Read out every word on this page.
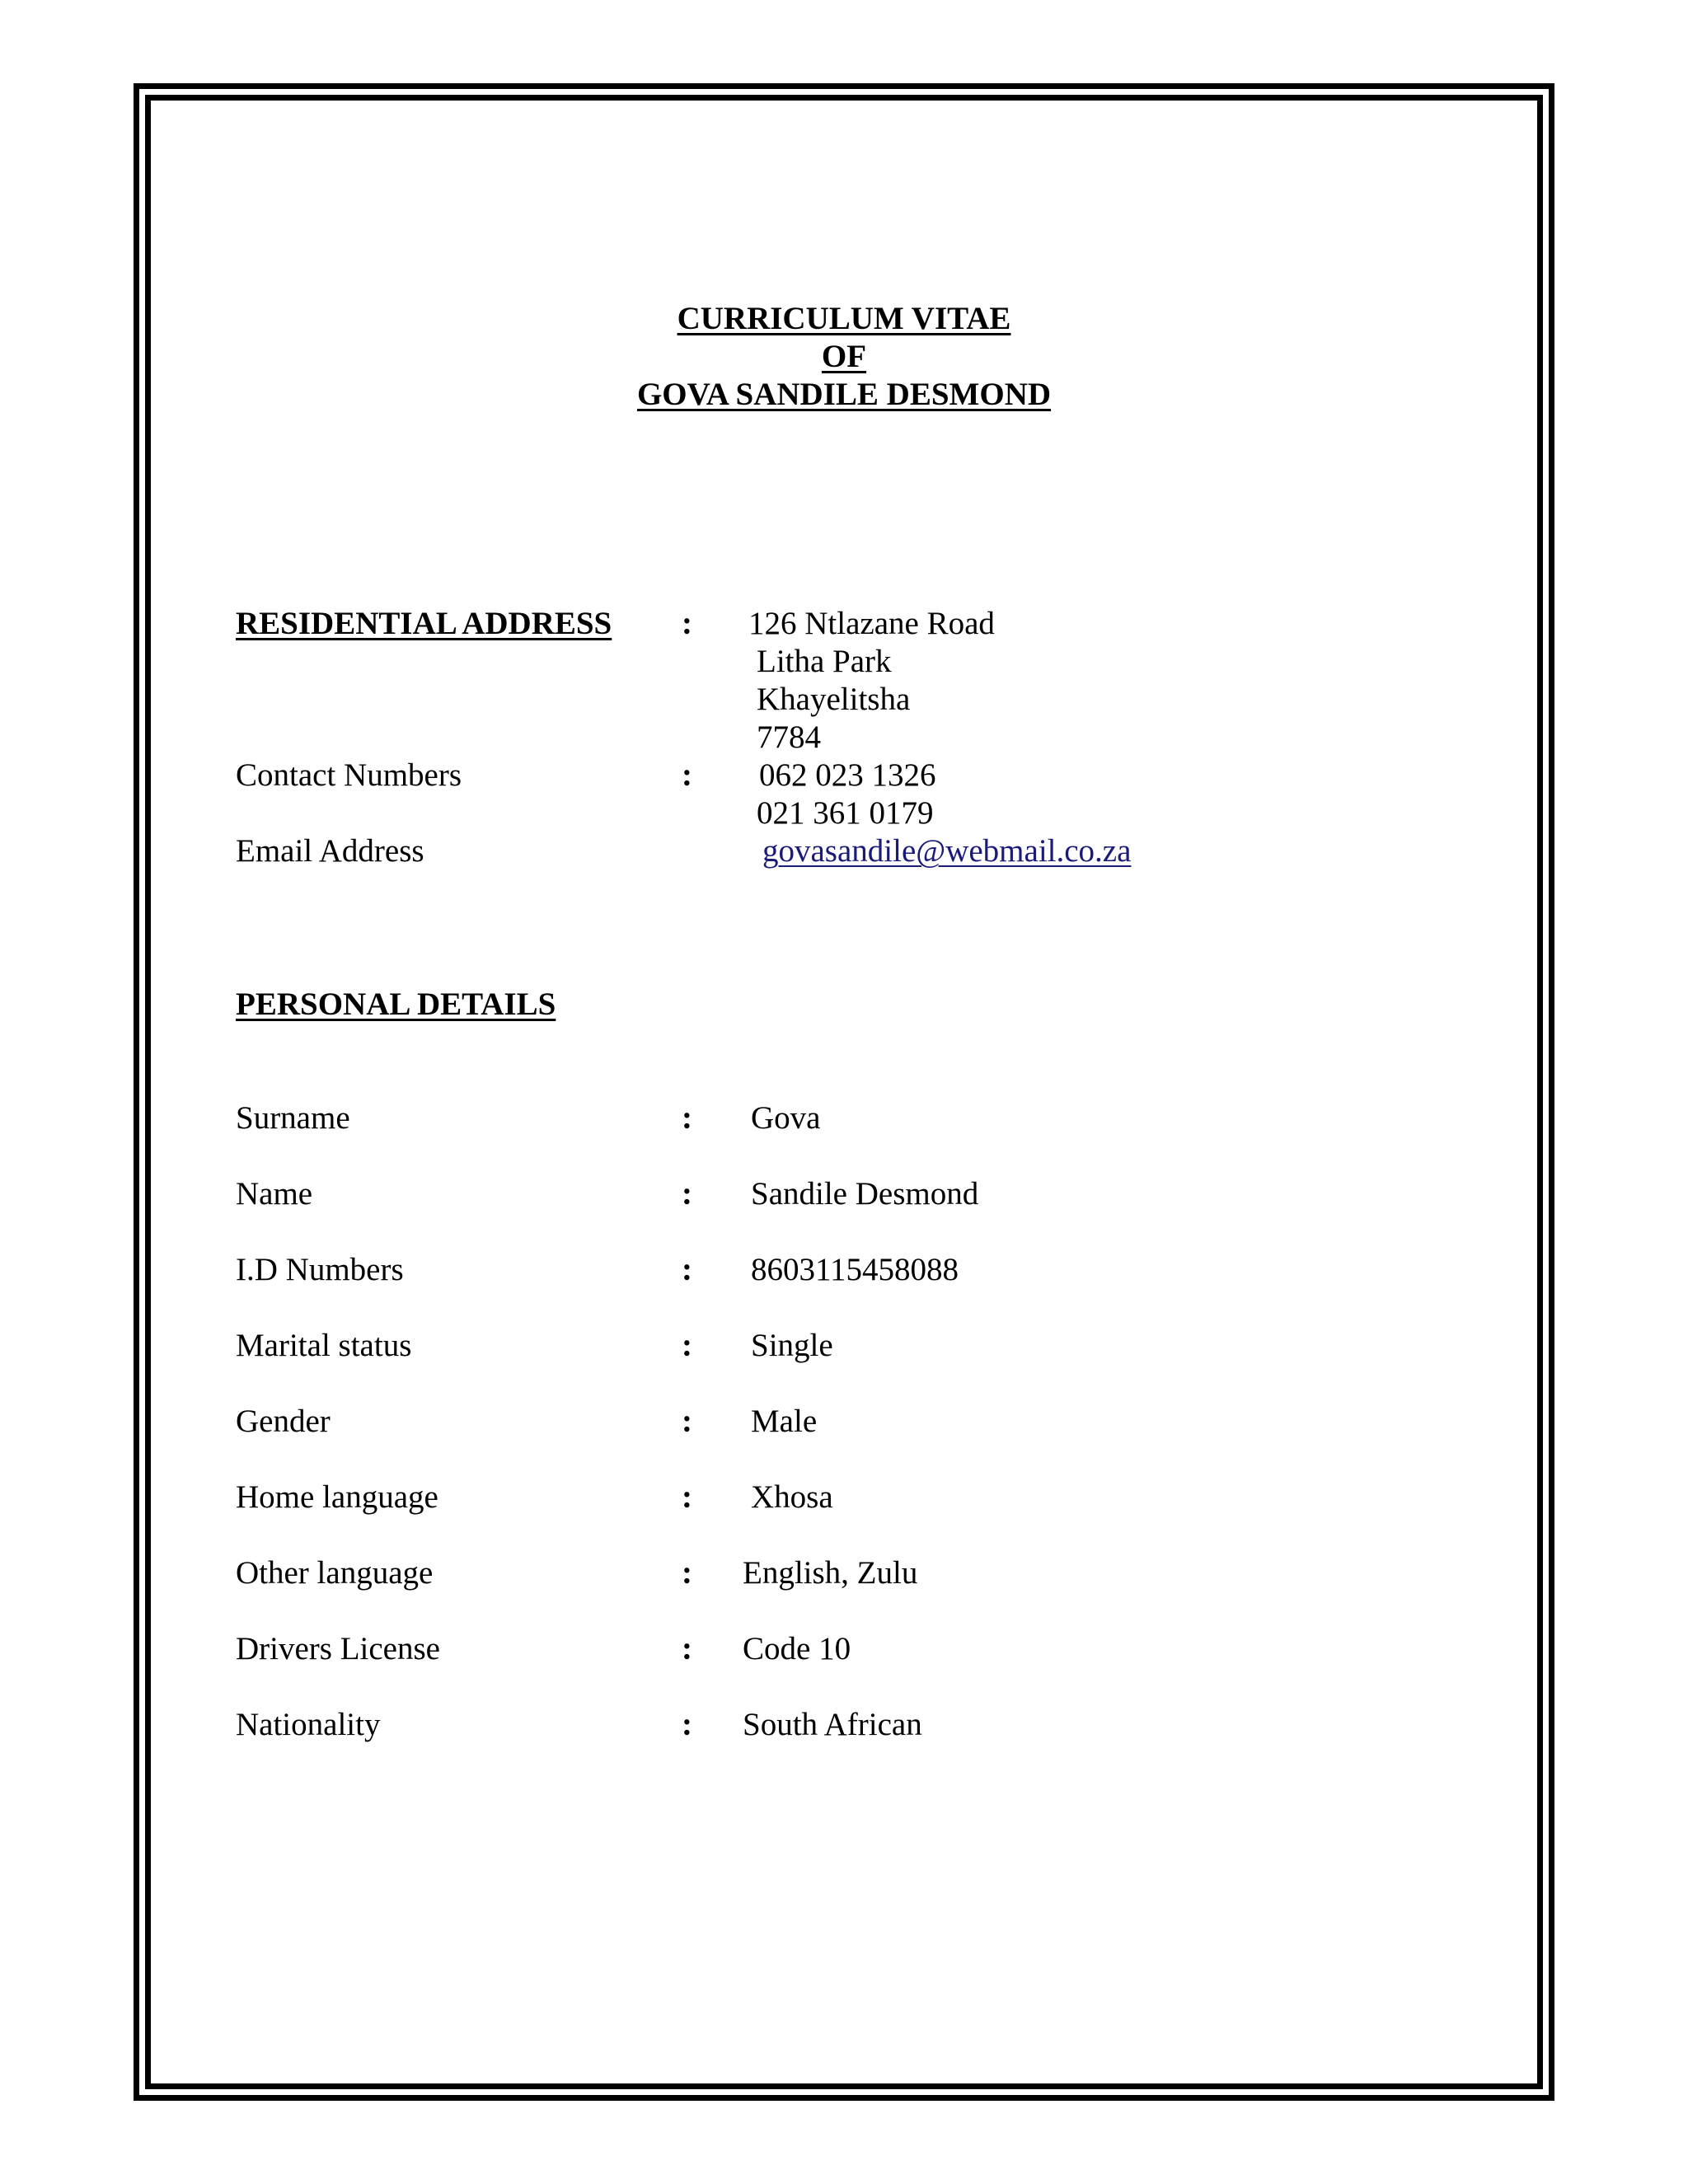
CURRICULUM VITAE
OF
GOVA SANDILE DESMOND
RESIDENTIAL ADDRESS : 126 Ntlazane Road
Litha Park
Khayelitsha
7784
Contact Numbers	: 062 023 1326
021 361 0179
Email Address	govasandile@webmail.co.za
PERSONAL DETAILS
Surname	: Gova
Name	: Sandile Desmond
I.D Numbers	: 8603115458088
Marital status	: Single
Gender	: Male
Home language	: Xhosa
Other language	: English, Zulu
Drivers License	: Code 10
Nationality	: South African
